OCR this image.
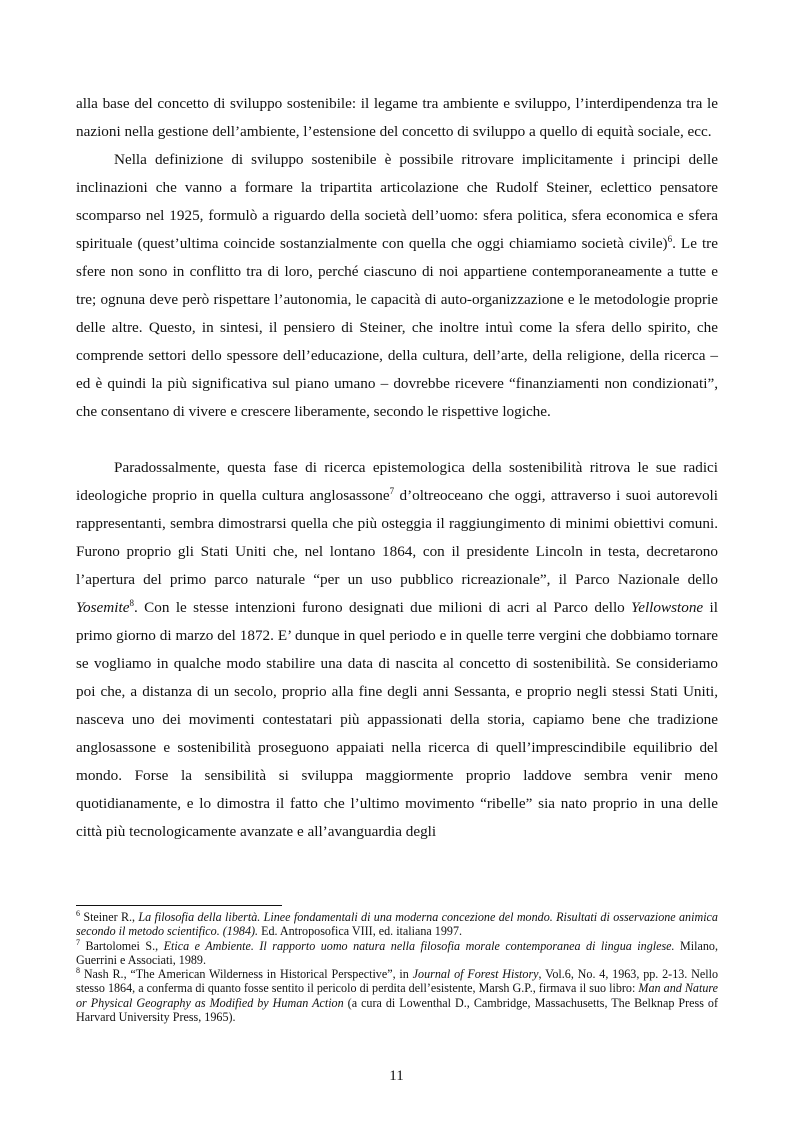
alla base del concetto di sviluppo sostenibile: il legame tra ambiente e sviluppo, l’interdipendenza tra le nazioni nella gestione dell’ambiente, l’estensione del concetto di sviluppo a quello di equità sociale, ecc.

Nella definizione di sviluppo sostenibile è possibile ritrovare implicitamente i principi delle inclinazioni che vanno a formare la tripartita articolazione che Rudolf Steiner, eclettico pensatore scomparso nel 1925, formulò a riguardo della società dell’uomo: sfera politica, sfera economica e sfera spirituale (quest’ultima coincide sostanzialmente con quella che oggi chiamiamo società civile)$^6$. Le tre sfere non sono in conflitto tra di loro, perché ciascuno di noi appartiene contemporaneamente a tutte e tre; ognuna deve però rispettare l’autonomia, le capacità di auto-organizzazione e le metodologie proprie delle altre. Questo, in sintesi, il pensiero di Steiner, che inoltre intuì come la sfera dello spirito, che comprende settori dello spessore dell’educazione, della cultura, dell’arte, della religione, della ricerca – ed è quindi la più significativa sul piano umano – dovrebbe ricevere “finanziamenti non condizionati”, che consentano di vivere e crescere liberamente, secondo le rispettive logiche.

Paradossalmente, questa fase di ricerca epistemologica della sostenibilità ritrova le sue radici ideologiche proprio in quella cultura anglosassone$^7$ d’oltreoceano che oggi, attraverso i suoi autorevoli rappresentanti, sembra dimostrarsi quella che più osteggia il raggiungimento di minimi obiettivi comuni. Furono proprio gli Stati Uniti che, nel lontano 1864, con il presidente Lincoln in testa, decretarono l’apertura del primo parco naturale “per un uso pubblico ricreazionale”, il Parco Nazionale dello Yosemite$^8$. Con le stesse intenzioni furono designati due milioni di acri al Parco dello Yellowstone il primo giorno di marzo del 1872. E’ dunque in quel periodo e in quelle terre vergini che dobbiamo tornare se vogliamo in qualche modo stabilire una data di nascita al concetto di sostenibilità. Se consideriamo poi che, a distanza di un secolo, proprio alla fine degli anni Sessanta, e proprio negli stessi Stati Uniti, nasceva uno dei movimenti contestatari più appassionati della storia, capiamo bene che tradizione anglosassone e sostenibilità proseguono appaiati nella ricerca di quell’imprescindibile equilibrio del mondo. Forse la sensibilità si sviluppa maggiormente proprio laddove sembra venir meno quotidianamente, e lo dimostra il fatto che l’ultimo movimento “ribelle” sia nato proprio in una delle città più tecnologicamente avanzate e all’avanguardia degli

$^6$ Steiner R., La filosofia della libertà. Linee fondamentali di una moderna concezione del mondo. Risultati di osservazione animica secondo il metodo scientifico. (1984). Ed. Antroposofica VIII, ed. italiana 1997.

$^7$ Bartolomei S., Etica e Ambiente. Il rapporto uomo natura nella filosofia morale contemporanea di lingua inglese. Milano, Guerrini e Associati, 1989.

$^8$ Nash R., “The American Wilderness in Historical Perspective”, in Journal of Forest History, Vol.6, No. 4, 1963, pp. 2-13. Nello stesso 1864, a conferma di quanto fosse sentito il pericolo di perdita dell’esistente, Marsh G.P., firmava il suo libro: Man and Nature or Physical Geography as Modified by Human Action (a cura di Lowenthal D., Cambridge, Massachusetts, The Belknap Press of Harvard University Press, 1965).

11
